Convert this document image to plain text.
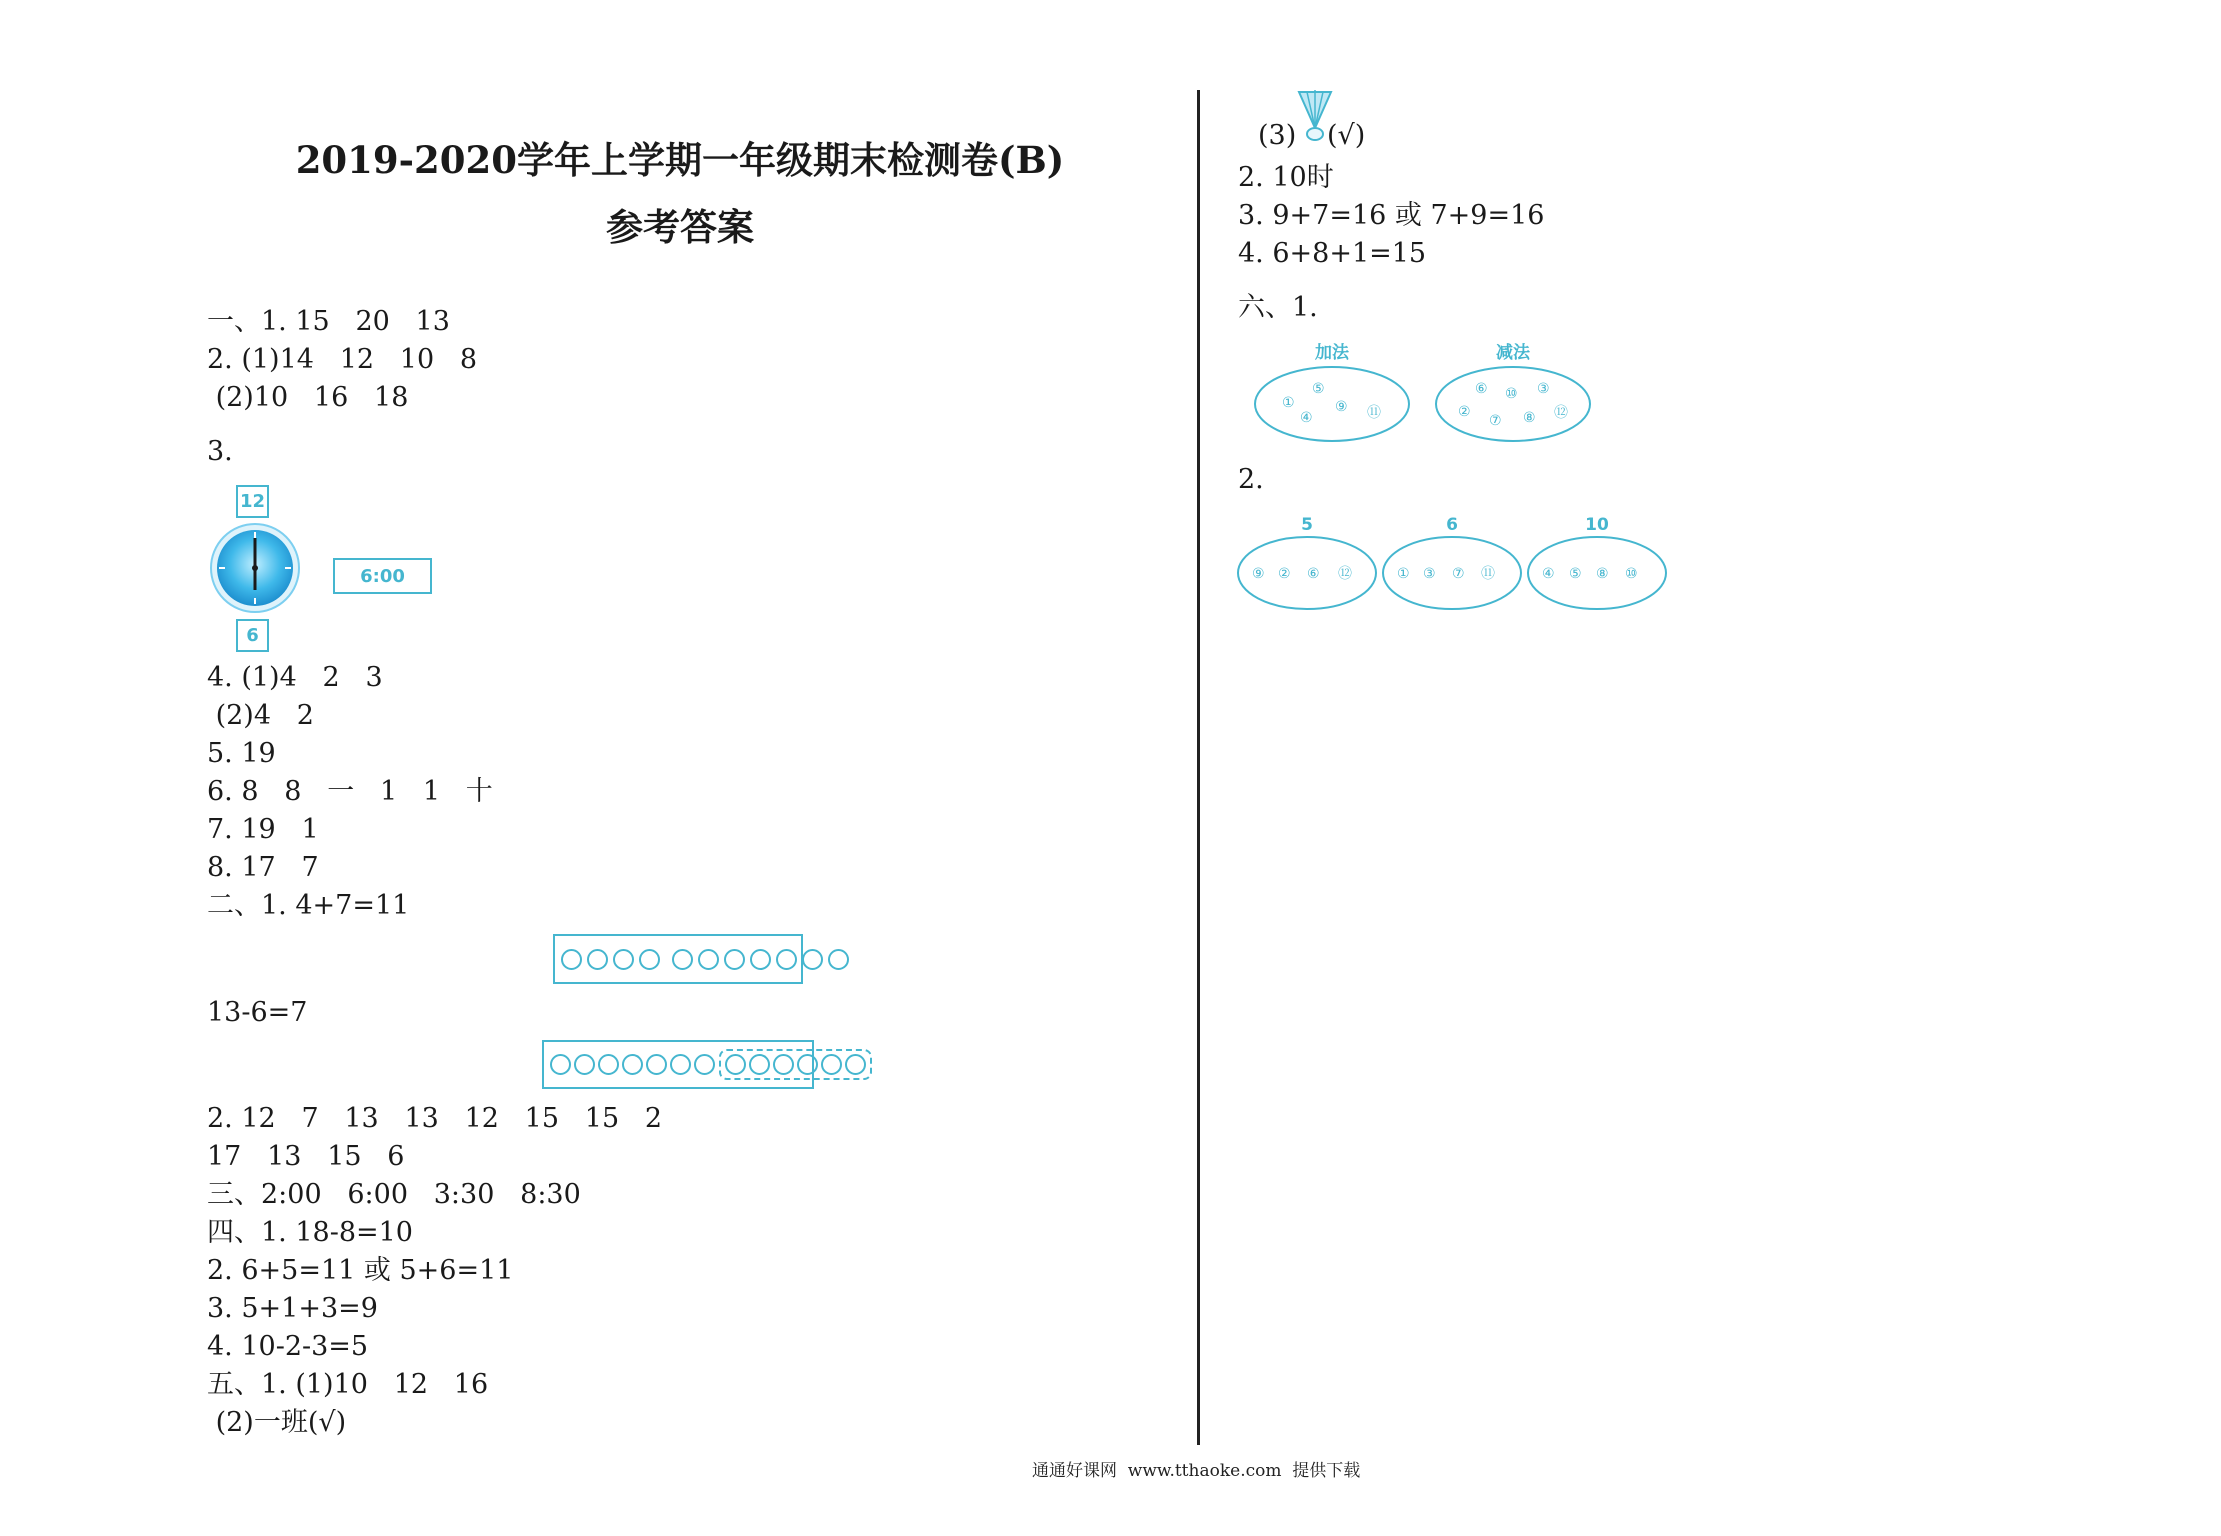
2019-2020学年上学期一年级期末检测卷(B)
参考答案
一、1. 15   20   13
2. (1)14   12   10   8
(2)10   16   18
3.
12
6
6:00
4. (1)4   2   3
(2)4   2
5. 19
6. 8   8   一   1   1   十
7. 19   1
8. 17   7
二、1. 4+7=11
13-6=7
2. 12   7   13   13   12   15   15   2
17   13   15   6
三、2:00   6:00   3:30   8:30
四、1. 18-8=10
2. 6+5=11 或 5+6=11
3. 5+1+3=9
4. 10-2-3=5
五、1. (1)10   12   16
(2)一班(√)
(3) (√)
2. 10时
3. 9+7=16 或 7+9=16
4. 6+8+1=15
六、1.
加法
①
⑤
④
⑨ ⑪
减法
⑥ ⑩ ③
②
⑦ ⑧ ⑫
2.
5
⑨ ② ⑥ ⑫
6
① ③ ⑦ ⑪
10
④ ⑤ ⑧ ⑩
通通好课网  www.tthaoke.com  提供下载
